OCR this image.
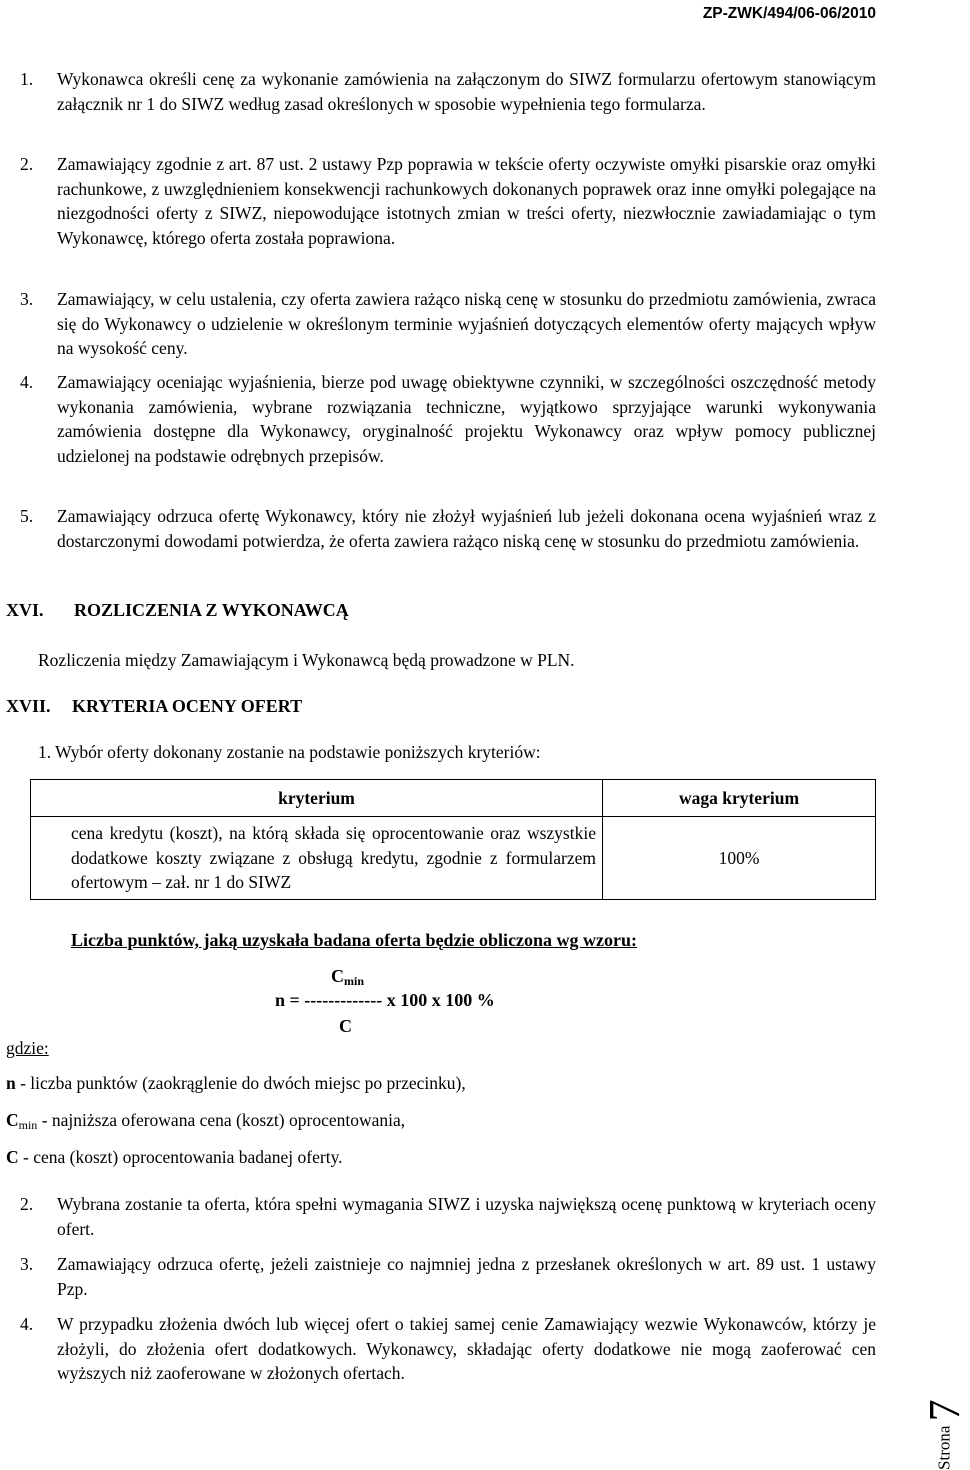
ZP-ZWK/494/06-06/2010
1.	Wykonawca określi cenę za wykonanie zamówienia na załączonym do SIWZ formularzu ofertowym stanowiącym załącznik nr 1 do SIWZ według zasad określonych w sposobie wypełnienia tego formularza.
2.	Zamawiający zgodnie z art. 87 ust. 2 ustawy Pzp poprawia w tekście oferty oczywiste omyłki pisarskie oraz omyłki rachunkowe, z uwzględnieniem konsekwencji rachunkowych dokonanych poprawek oraz inne omyłki polegające na niezgodności oferty z SIWZ, niepowodujące istotnych zmian w treści oferty, niezwłocznie zawiadamiając o tym Wykonawcę, którego oferta została poprawiona.
3.	Zamawiający, w celu ustalenia, czy oferta zawiera rażąco niską cenę w stosunku do przedmiotu zamówienia, zwraca się do Wykonawcy o udzielenie w określonym terminie wyjaśnień dotyczących elementów oferty mających wpływ na wysokość ceny.
4.	Zamawiający oceniając wyjaśnienia, bierze pod uwagę obiektywne czynniki, w szczególności oszczędność metody wykonania zamówienia, wybrane rozwiązania techniczne, wyjątkowo sprzyjające warunki wykonywania zamówienia dostępne dla Wykonawcy, oryginalność projektu Wykonawcy oraz wpływ pomocy publicznej udzielonej na podstawie odrębnych przepisów.
5.	Zamawiający odrzuca ofertę Wykonawcy, który nie złożył wyjaśnień lub jeżeli dokonana ocena wyjaśnień wraz z dostarczonymi dowodami potwierdza, że oferta zawiera rażąco niską cenę w stosunku do przedmiotu zamówienia.
XVI. ROZLICZENIA Z WYKONAWCĄ
Rozliczenia między Zamawiającym i Wykonawcą będą prowadzone w PLN.
XVII. KRYTERIA OCENY OFERT
1. Wybór oferty dokonany zostanie na podstawie poniższych kryteriów:
kryterium	waga kryterium
cena kredytu (koszt), na którą składa się oprocentowanie oraz wszystkie dodatkowe koszty związane z obsługą kredytu, zgodnie z formularzem ofertowym – zał. nr 1 do SIWZ	100%
Liczba punktów, jaką uzyskała badana oferta będzie obliczona wg wzoru:
$C_{min}$
n = ------------- x 100 x 100 %
C
gdzie:
n - liczba punktów (zaokrąglenie do dwóch miejsc po przecinku),
$C_{min}$ - najniższa oferowana cena (koszt) oprocentowania,
C - cena (koszt) oprocentowania badanej oferty.
2.	Wybrana zostanie ta oferta, która spełni wymagania SIWZ i uzyska największą ocenę punktową w kryteriach oceny ofert.
3.	Zamawiający odrzuca ofertę, jeżeli zaistnieje co najmniej jedna z przesłanek określonych w art. 89 ust. 1 ustawy Pzp.
4.	W przypadku złożenia dwóch lub więcej ofert o takiej samej cenie Zamawiający wezwie Wykonawców, którzy je złożyli, do złożenia ofert dodatkowych. Wykonawcy, składając oferty dodatkowe nie mogą zaoferować cen wyższych niż zaoferowane w złożonych ofertach.
Strona 7
